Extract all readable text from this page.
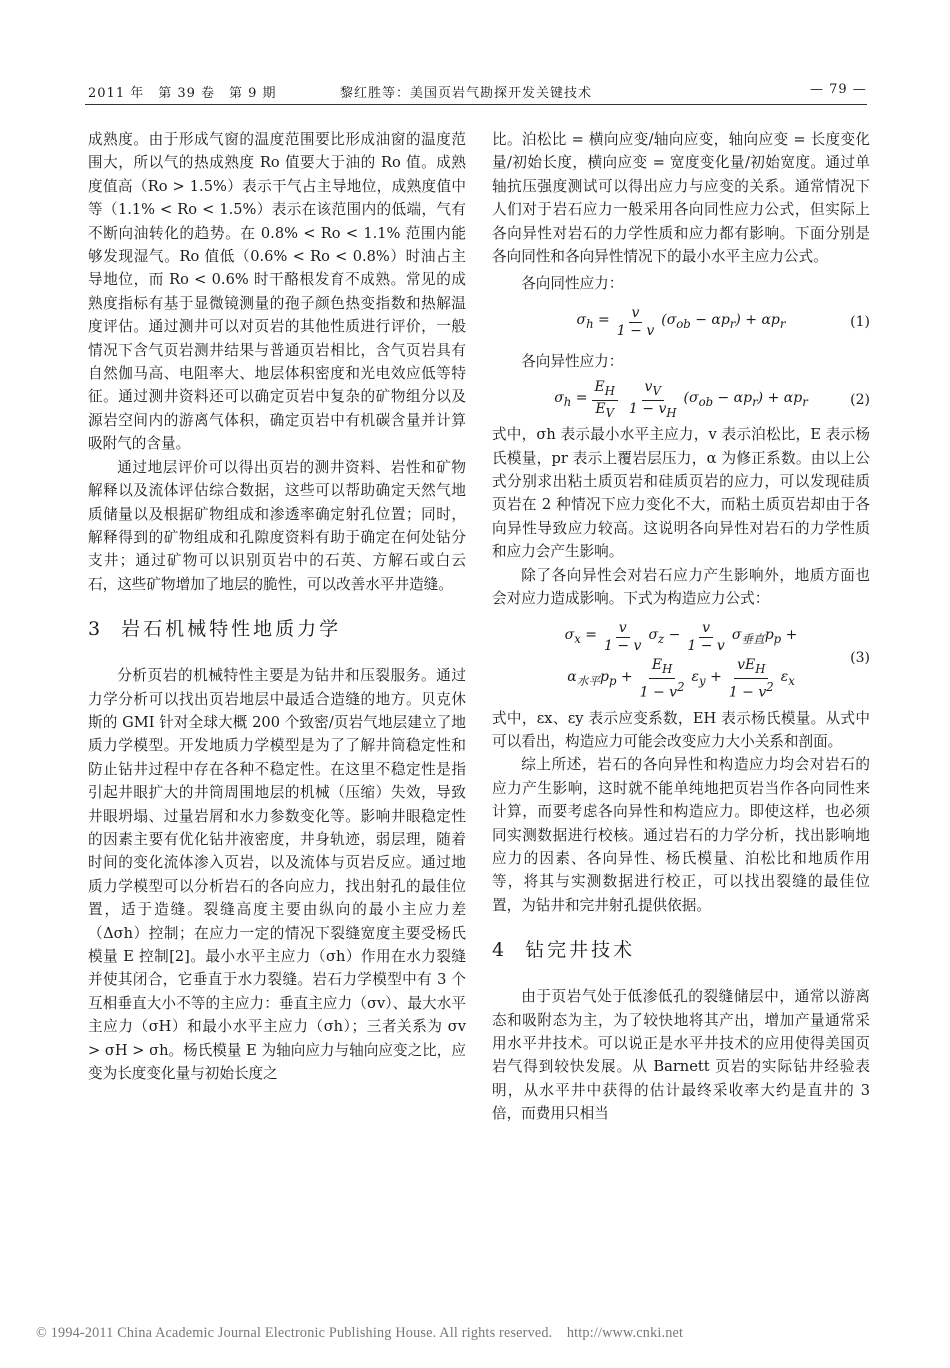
2011 年　第 39 卷　第 9 期	黎红胜等：美国页岩气勘探开发关键技术	— 79 —

成熟度。由于形成气窗的温度范围要比形成油窗的温度范围大，所以气的热成熟度 Ro 值要大于油的 Ro 值。成熟度值高（Ro > 1.5%）表示干气占主导地位，成熟度值中等（1.1% < Ro < 1.5%）表示在该范围内的低端，气有不断向油转化的趋势。在 0.8% < Ro < 1.1% 范围内能够发现湿气。Ro 值低（0.6% < Ro < 0.8%）时油占主导地位，而 Ro < 0.6% 时干酪根发育不成熟。常见的成熟度指标有基于显微镜测量的孢子颜色热变指数和热解温度评估。通过测井可以对页岩的其他性质进行评价，一般情况下含气页岩测井结果与普通页岩相比，含气页岩具有自然伽马高、电阻率大、地层体积密度和光电效应低等特征。通过测井资料还可以确定页岩中复杂的矿物组分以及源岩空间内的游离气体积，确定页岩中有机碳含量并计算吸附气的含量。

通过地层评价可以得出页岩的测井资料、岩性和矿物解释以及流体评估综合数据，这些可以帮助确定天然气地质储量以及根据矿物组成和渗透率确定射孔位置；同时，解释得到的矿物组成和孔隙度资料有助于确定在何处钻分支井；通过矿物可以识别页岩中的石英、方解石或白云石，这些矿物增加了地层的脆性，可以改善水平井造缝。

3 岩石机械特性地质力学

分析页岩的机械特性主要是为钻井和压裂服务。通过力学分析可以找出页岩地层中最适合造缝的地方。贝克休斯的 GMI 针对全球大概 200 个致密/页岩气地层建立了地质力学模型。开发地质力学模型是为了了解井筒稳定性和防止钻井过程中存在各种不稳定性。在这里不稳定性是指引起井眼扩大的井筒周围地层的机械（压缩）失效，导致井眼坍塌、过量岩屑和水力参数变化等。影响井眼稳定性的因素主要有优化钻井液密度，井身轨迹，弱层理，随着时间的变化流体渗入页岩，以及流体与页岩反应。通过地质力学模型可以分析岩石的各向应力，找出射孔的最佳位置，适于造缝。裂缝高度主要由纵向的最小主应力差（Δσh）控制；在应力一定的情况下裂缝宽度主要受杨氏模量 E 控制[2]。最小水平主应力（σh）作用在水力裂缝并使其闭合，它垂直于水力裂缝。岩石力学模型中有 3 个互相垂直大小不等的主应力：垂直主应力（σv）、最大水平主应力（σH）和最小水平主应力（σh）；三者关系为 σv > σH > σh。杨氏模量 E 为轴向应力与轴向应变之比，应变为长度变化量与初始长度之

比。泊松比 = 横向应变/轴向应变，轴向应变 = 长度变化量/初始长度，横向应变 = 宽度变化量/初始宽度。通过单轴抗压强度测试可以得出应力与应变的关系。通常情况下人们对于岩石应力一般采用各向同性应力公式，但实际上各向异性对岩石的力学性质和应力都有影响。下面分别是各向同性和各向异性情况下的最小水平主应力公式。

各向同性应力：

$\sigma_h = \frac{v}{1 - v} (\sigma_{ob} - \alpha p_r) + \alpha p_r$	(1)

各向异性应力：

$\sigma_h = \frac{E_H}{E_V} \frac{v_V}{1 - v_H} (\sigma_{ob} - \alpha p_r) + \alpha p_r$	(2)

式中，σh 表示最小水平主应力，v 表示泊松比，E 表示杨氏模量，pr 表示上覆岩层压力，α 为修正系数。由以上公式分别求出粘土质页岩和硅质页岩的应力，可以发现硅质页岩在 2 种情况下应力变化不大，而粘土质页岩却由于各向异性导致应力较高。这说明各向异性对岩石的力学性质和应力会产生影响。

除了各向异性会对岩石应力产生影响外，地质方面也会对应力造成影响。下式为构造应力公式：

$\sigma_x = \frac{v}{1 - v} \sigma_z - \frac{v}{1 - v} \sigma_{垂直}p_p$ +
$\alpha_{水平}p_p + \frac{E_H}{1 - v^2} \varepsilon_y + \frac{vE_H}{1 - v^2} \varepsilon_x$
(3)

式中，εx、εy 表示应变系数，EH 表示杨氏模量。从式中可以看出，构造应力可能会改变应力大小关系和剖面。

综上所述，岩石的各向异性和构造应力均会对岩石的应力产生影响，这时就不能单纯地把页岩当作各向同性来计算，而要考虑各向异性和构造应力。即使这样，也必须同实测数据进行校核。通过岩石的力学分析，找出影响地应力的因素、各向异性、杨氏模量、泊松比和地质作用等，将其与实测数据进行校正，可以找出裂缝的最佳位置，为钻井和完井射孔提供依据。

4 钻完井技术

由于页岩气处于低渗低孔的裂缝储层中，通常以游离态和吸附态为主，为了较快地将其产出，增加产量通常采用水平井技术。可以说正是水平井技术的应用使得美国页岩气得到较快发展。从 Barnett 页岩的实际钻井经验表明，从水平井中获得的估计最终采收率大约是直井的 3 倍，而费用只相当

© 1994-2011 China Academic Journal Electronic Publishing House. All rights reserved.　http://www.cnki.net
